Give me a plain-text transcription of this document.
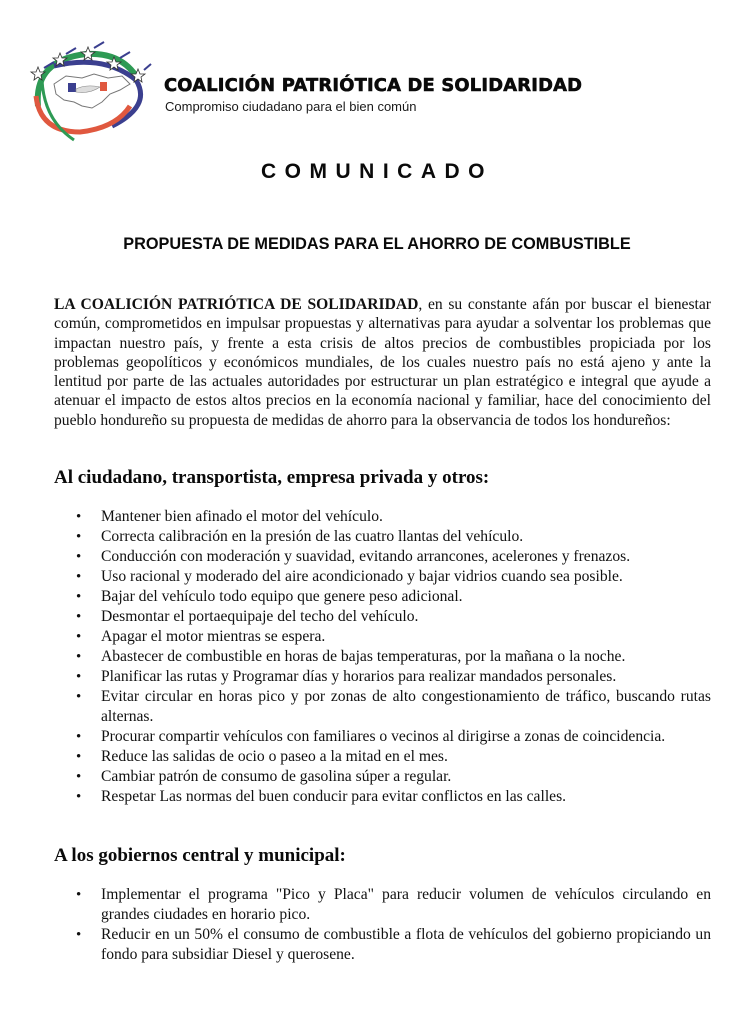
COALICIÓN PATRIÓTICA DE SOLIDARIDAD
Compromiso ciudadano para el bien común
COMUNICADO
PROPUESTA DE MEDIDAS PARA EL AHORRO DE COMBUSTIBLE
LA COALICIÓN PATRIÓTICA DE SOLIDARIDAD, en su constante afán por buscar el bienestar común, comprometidos en impulsar propuestas y alternativas para ayudar a solventar los problemas que impactan nuestro país, y frente a esta crisis de altos precios de combustibles propiciada por los problemas geopolíticos y económicos mundiales, de los cuales nuestro país no está ajeno y ante la lentitud por parte de las actuales autoridades por estructurar un plan estratégico e integral que ayude a atenuar el impacto de estos altos precios en la economía nacional y familiar, hace del conocimiento del pueblo hondureño su propuesta de medidas de ahorro para la observancia de todos los hondureños:
Al ciudadano, transportista, empresa privada y otros:
• Mantener bien afinado el motor del vehículo.
• Correcta calibración en la presión de las cuatro llantas del vehículo.
• Conducción con moderación y suavidad, evitando arrancones, acelerones y frenazos.
• Uso racional y moderado del aire acondicionado y bajar vidrios cuando sea posible.
• Bajar del vehículo todo equipo que genere peso adicional.
• Desmontar el portaequipaje del techo del vehículo.
• Apagar el motor mientras se espera.
• Abastecer de combustible en horas de bajas temperaturas, por la mañana o la noche.
• Planificar las rutas y Programar días y horarios para realizar mandados personales.
• Evitar circular en horas pico y por zonas de alto congestionamiento de tráfico, buscando rutas alternas.
• Procurar compartir vehículos con familiares o vecinos al dirigirse a zonas de coincidencia.
• Reduce las salidas de ocio o paseo a la mitad en el mes.
• Cambiar patrón de consumo de gasolina súper a regular.
• Respetar Las normas del buen conducir para evitar conflictos en las calles.
A los gobiernos central y municipal:
• Implementar el programa "Pico y Placa" para reducir volumen de vehículos circulando en grandes ciudades en horario pico.
• Reducir en un 50% el consumo de combustible a flota de vehículos del gobierno propiciando un fondo para subsidiar Diesel y querosene.
